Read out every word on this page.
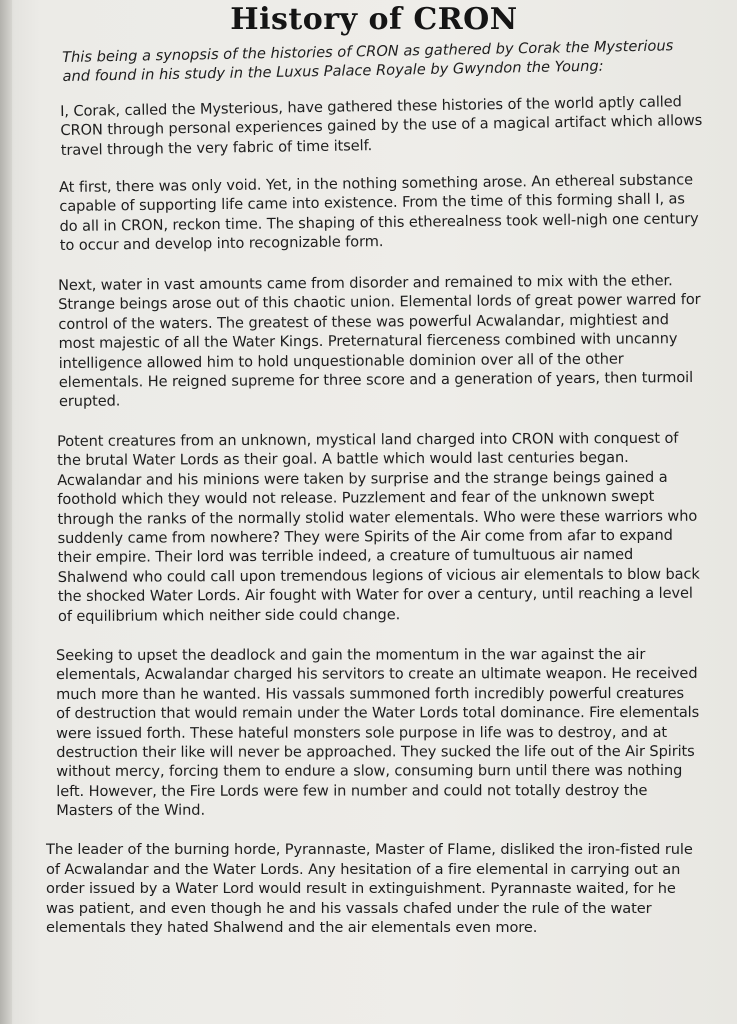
History of CRON

This being a synopsis of the histories of CRON as gathered by Corak the Mysterious and found in his study in the Luxus Palace Royale by Gwyndon the Young:

I, Corak, called the Mysterious, have gathered these histories of the world aptly called CRON through personal experiences gained by the use of a magical artifact which allows travel through the very fabric of time itself.

At first, there was only void. Yet, in the nothing something arose. An ethereal substance capable of supporting life came into existence. From the time of this forming shall I, as do all in CRON, reckon time. The shaping of this etherealness took well-nigh one century to occur and develop into recognizable form.

Next, water in vast amounts came from disorder and remained to mix with the ether. Strange beings arose out of this chaotic union. Elemental lords of great power warred for control of the waters. The greatest of these was powerful Acwalandar, mightiest and most majestic of all the Water Kings. Preternatural fierceness combined with uncanny intelligence allowed him to hold unquestionable dominion over all of the other elementals. He reigned supreme for three score and a generation of years, then turmoil erupted.

Potent creatures from an unknown, mystical land charged into CRON with conquest of the brutal Water Lords as their goal. A battle which would last centuries began. Acwalandar and his minions were taken by surprise and the strange beings gained a foothold which they would not release. Puzzlement and fear of the unknown swept through the ranks of the normally stolid water elementals. Who were these warriors who suddenly came from nowhere? They were Spirits of the Air come from afar to expand their empire. Their lord was terrible indeed, a creature of tumultuous air named Shalwend who could call upon tremendous legions of vicious air elementals to blow back the shocked Water Lords. Air fought with Water for over a century, until reaching a level of equilibrium which neither side could change.

Seeking to upset the deadlock and gain the momentum in the war against the air elementals, Acwalandar charged his servitors to create an ultimate weapon. He received much more than he wanted. His vassals summoned forth incredibly powerful creatures of destruction that would remain under the Water Lords total dominance. Fire elementals were issued forth. These hateful monsters sole purpose in life was to destroy, and at destruction their like will never be approached. They sucked the life out of the Air Spirits without mercy, forcing them to endure a slow, consuming burn until there was nothing left. However, the Fire Lords were few in number and could not totally destroy the Masters of the Wind.

The leader of the burning horde, Pyrannaste, Master of Flame, disliked the iron-fisted rule of Acwalandar and the Water Lords. Any hesitation of a fire elemental in carrying out an order issued by a Water Lord would result in extinguishment. Pyrannaste waited, for he was patient, and even though he and his vassals chafed under the rule of the water elementals they hated Shalwend and the air elementals even more.
